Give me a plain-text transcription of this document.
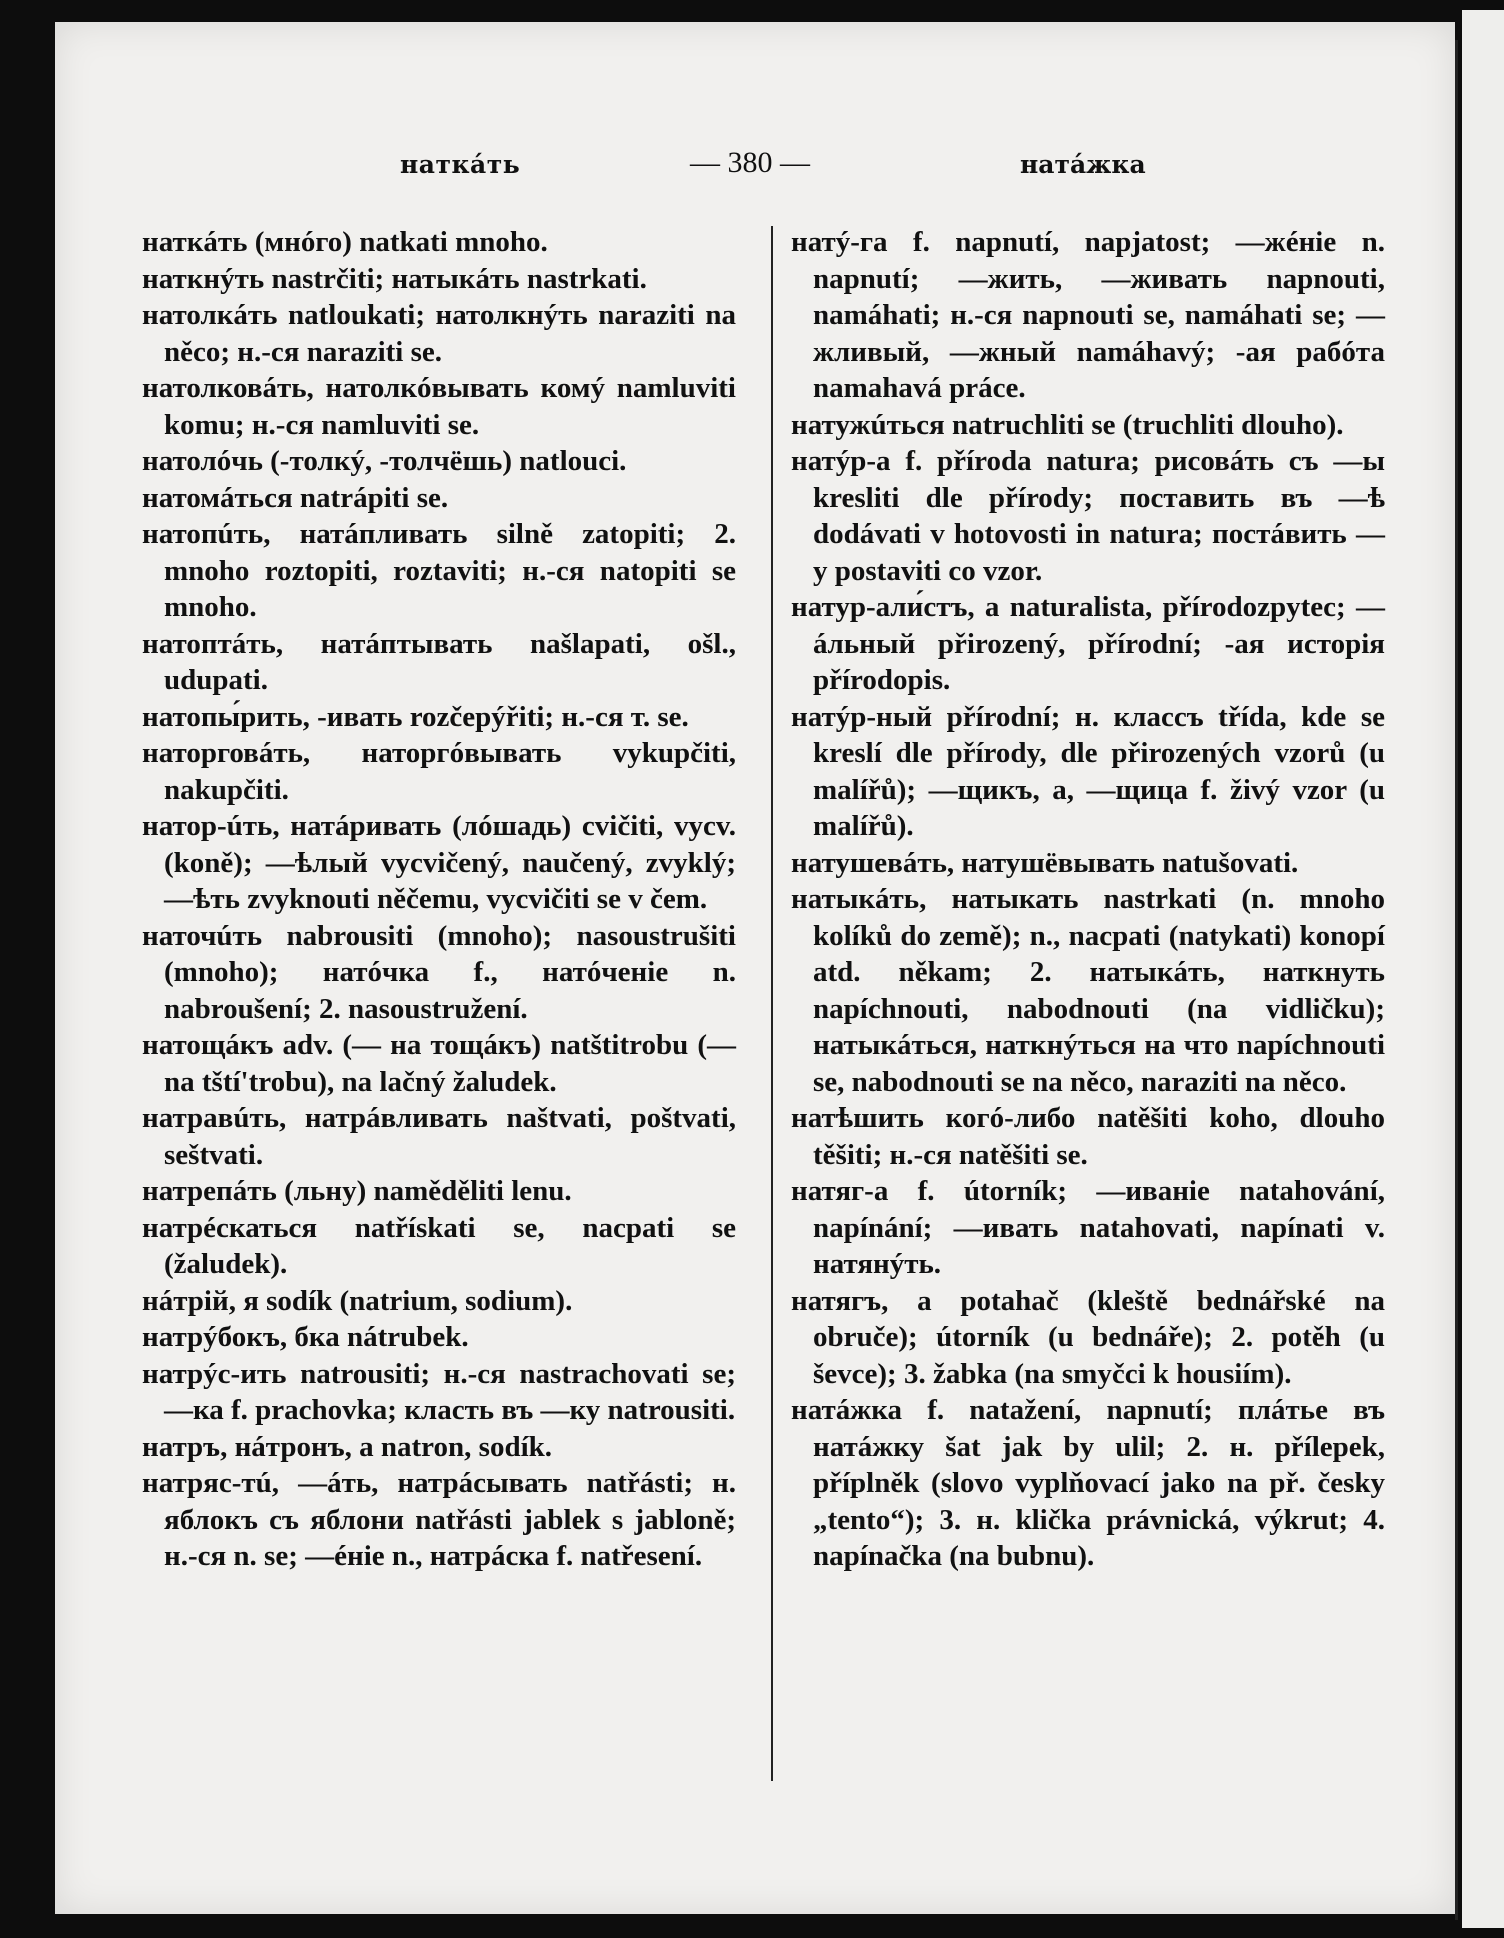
наткáть	— 380 —	натáжка

наткáть (мнóго) natkati mnoho.

наткнýть nastrčiti; натыкáть nastrkati.

натолкáть natloukati; натолкнýть naraziti na něco; н.-ся naraziti se.

натолковáть, натолкóвывать комý namluviti komu; н.-ся namluviti se.

натолóчь (-толкý, -толчёшь) natlouci.

натомáться natrápiti se.

натопúть, натáпливать silně zatopiti; 2. mnoho roztopiti, roztaviti; н.-ся natopiti se mnoho.

натоптáть, натáптывать našlapati, ošl., udupati.

натопы́рить, -ивать rozčepýřiti; н.-ся т. se.

наторговáть, наторгóвывать vykupčiti, nakupčiti.

натор-úть, натáривать (лóшадь) cvičiti, vycv. (koně); —ѣлый vycvičený, naučený, zvyklý; —ѣть zvyknouti něčemu, vycvičiti se v čem.

наточúть nabrousiti (mnoho); nasoustrušiti (mnoho); натóчка f., натóченіе n. nabroušení; 2. nasoustružení.

натощáкъ adv. (— на тощáкъ) natštitrobu (— na tští'trobu), na lačný žaludek.

натравúть, натрáвливать naštvati, poštvati, seštvati.

натрепáть (льну) naměděliti lenu.

натрéскаться natřískati se, nacpati se (žaludek).

нáтрій, я sodík (natrium, sodium).

натрýбокъ, бка nátrubek.

натрýс-ить natrousiti; н.-ся nastrachovati se; —ка f. prachovka; класть въ —ку natrousiti.

натръ, нáтронъ, а natron, sodík.

натряс-тú, —áть, натрáсывать natřásti; н. яблокъ съ яблони natřásti jablek s jabloně; н.-ся n. se; —éніе n., натрáска f. natřesení.

натý-га f. napnutí, napjatost; —жéніе n. napnutí; —жить, —живать napnouti, namáhati; н.-ся napnouti se, namáhati se; —жливый, —жный namáhavý; -ая рабóта namahavá práce.

натужúться natruchliti se (truchliti dlouho).

натýр-а f. příroda natura; рисовáть съ —ы kresliti dle přírody; поставить въ —ѣ dodávati v hotovosti in natura; постáвить —у postaviti co vzor.

натур-али́стъ, а naturalista, přírodozpytec; —áльный přirozený, přírodní; -ая исторія přírodopis.

натýр-ный přírodní; н. классъ třída, kde se kreslí dle přírody, dle přirozených vzorů (u malířů); —щикъ, а, —щица f. živý vzor (u malířů).

натушевáть, натушёвывать natušovati.

натыкáть, натыкать nastrkati (n. mnoho kolíků do země); n., nacpati (natykati) konopí atd. někam; 2. натыкáть, наткнуть napíchnouti, nabodnouti (na vidličku); натыкáться, наткнýться на что napíchnouti se, nabodnouti se na něco, naraziti na něco.

натѣшить когó-либо natěšiti koho, dlouho těšiti; н.-ся natěšiti se.

натяг-а f. útorník; —иваніе natahování, napínání; —ивать natahovati, napínati v. натянýть.

натягъ, а potahač (kleště bednářské na obruče); útorník (u bednáře); 2. potěh (u ševce); 3. žabka (na smyčci k housiím).

натáжка f. natažení, napnutí; плáтье въ натáжку šat jak by ulil; 2. н. přílepek, příplněk (slovo vyplňovací jako na př. česky „tento“); 3. н. klička právnická, výkrut; 4. napínačka (na bubnu).
